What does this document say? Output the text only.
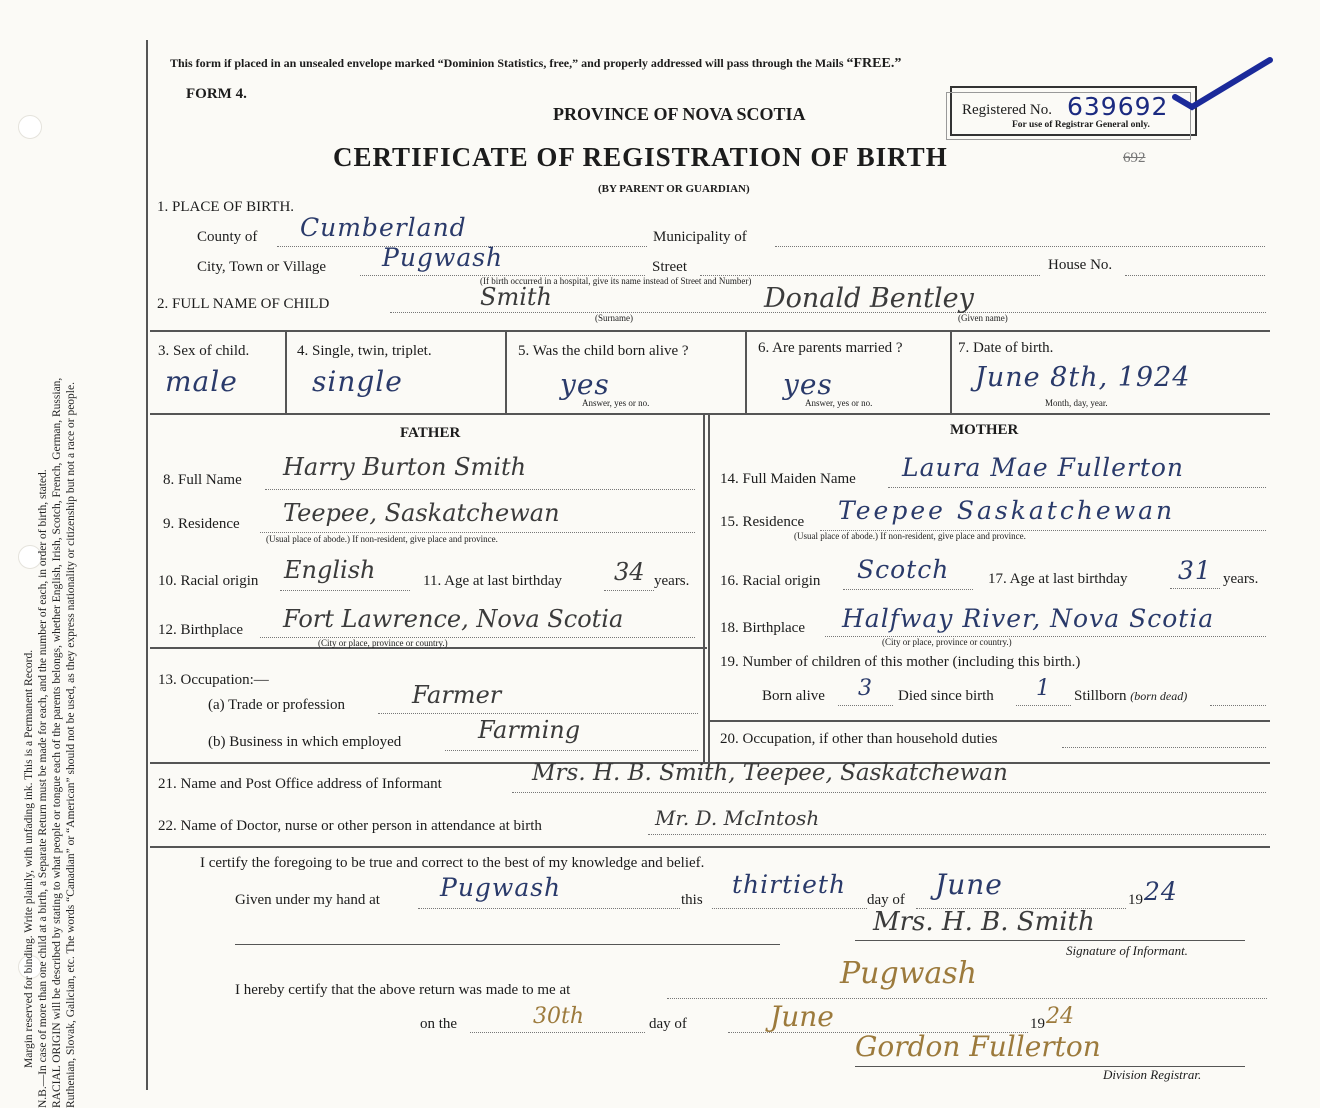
Margin reserved for binding. Write plainly, with unfading ink. This is a Permanent Record. N.B.—In case of more than one child at a birth, a Separate Return must be made for each, and the number of each, in order of birth, stated. RACIAL ORIGIN will be described by stating to what people or tongue each of the parents belongs, whether English, Irish, Scotch, French, German, Russian, Ruthenian, Slovak, Galician, etc. The words “Canadian” or “American” should not be used, as they express nationality or citizenship but not a race or people.
This form if placed in an unsealed envelope marked “Dominion Statistics, free,” and properly addressed will pass through the Mails “FREE.”
FORM 4.
PROVINCE OF NOVA SCOTIA
CERTIFICATE OF REGISTRATION OF BIRTH	692
(BY PARENT OR GUARDIAN)
Registered No. 639692
For use of Registrar General only.
1. PLACE OF BIRTH.
County of Cumberland	Municipality of
City, Town or Village Pugwash	Street	House No.
(If birth occurred in a hospital, give its name instead of Street and Number)
2. FULL NAME OF CHILD	Smith
(Surname)
Donald Bentley
(Given name)
3. Sex of child.
male
4. Single, twin, triplet.
single
5. Was the child born alive ?
yes
Answer, yes or no.
6. Are parents married ?
yes
Answer, yes or no.
7. Date of birth.
June 8th, 1924
Month, day, year.
FATHER	MOTHER
8. Full Name Harry Burton Smith
9. Residence Teepee, Saskatchewan
(Usual place of abode.) If non-resident, give place and province.
10. Racial origin English	11. Age at last birthday 34 years.
12. Birthplace Fort Lawrence, Nova Scotia
(City or place, province or country.)
13. Occupation:—
(a) Trade or profession	Farmer
(b) Business in which employed	Farming
14. Full Maiden Name Laura Mae Fullerton
15. Residence Teepee Saskatchewan
(Usual place of abode.) If non-resident, give place and province.
16. Racial origin Scotch	17. Age at last birthday 31 years.
18. Birthplace Halfway River, Nova Scotia
(City or place, province or country.)
19. Number of children of this mother (including this birth.)
Born alive 3 Died since birth 1 Stillborn (born dead)
20. Occupation, if other than household duties
21. Name and Post Office address of Informant	Mrs. H. B. Smith, Teepee, Saskatchewan
22. Name of Doctor, nurse or other person in attendance at birth	Mr. D. McIntosh
I certify the foregoing to be true and correct to the best of my knowledge and belief.
Given under my hand at Pugwash	this
thirtieth
day of June	19 24
Mrs. H. B. Smith
Signature of Informant.
I hereby certify that the above return was made to me at	Pugwash
on the	30th	day of	June	19 24
Gordon Fullerton
Division Registrar.
